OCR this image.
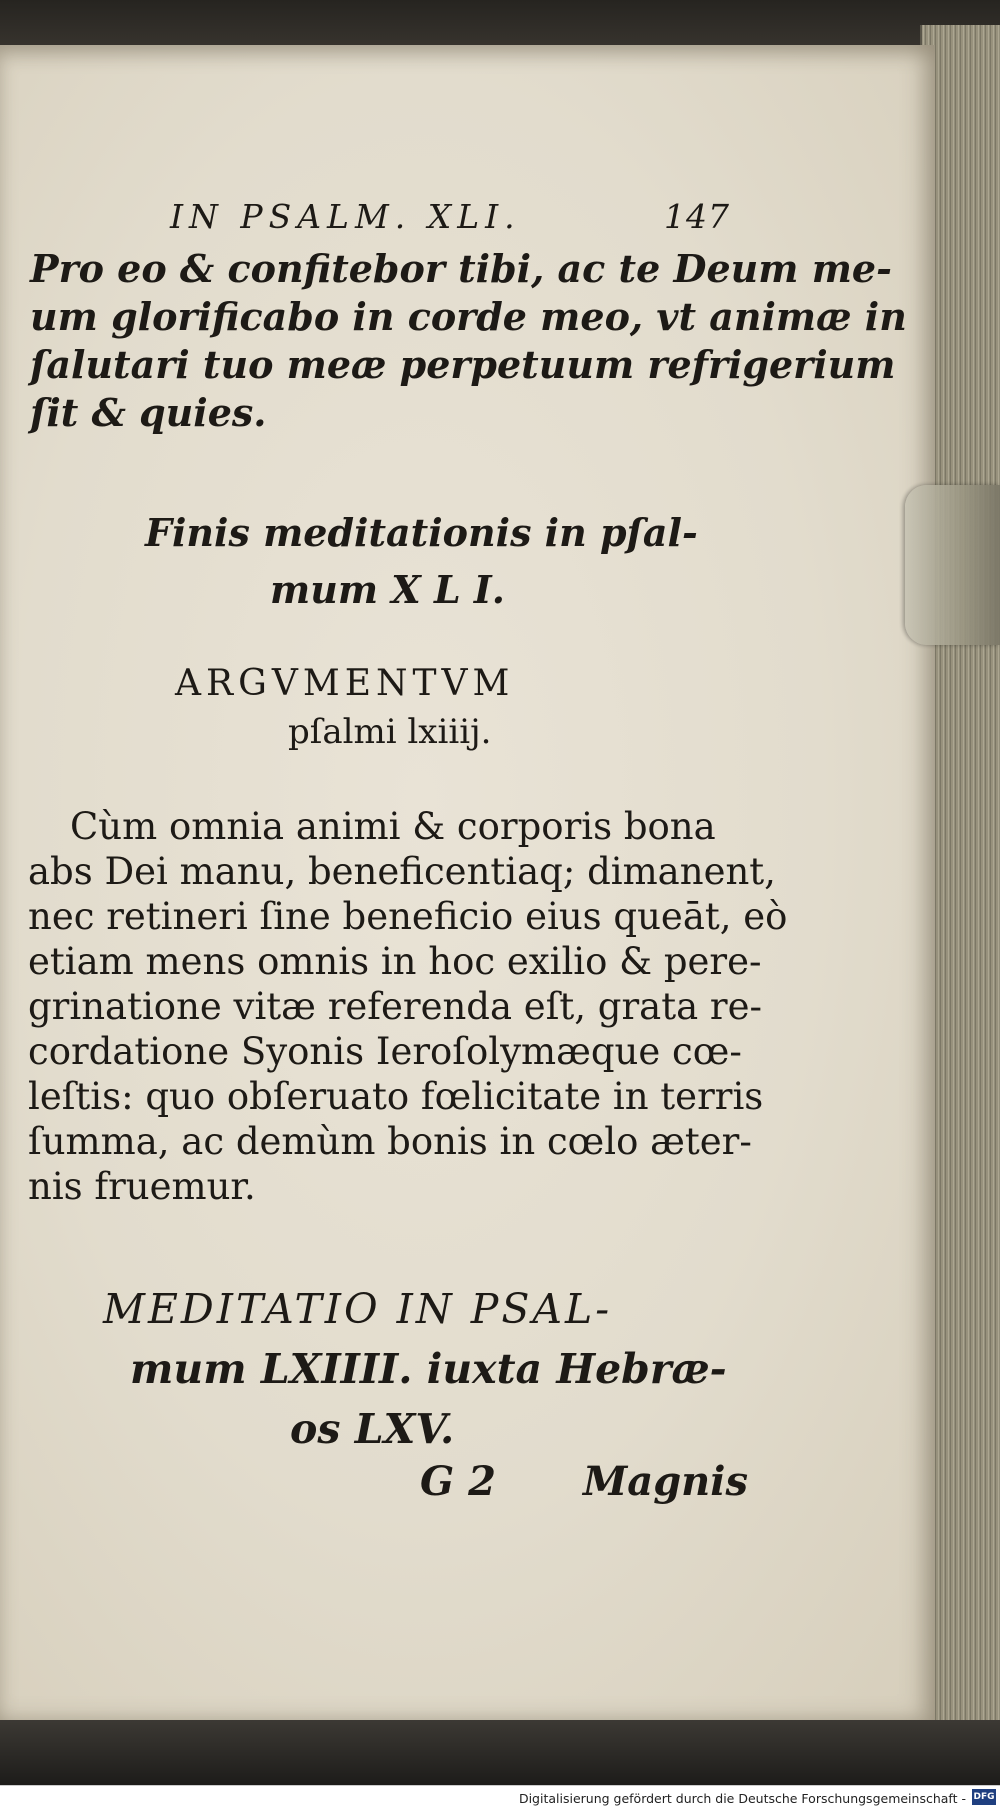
IN PSALM. XLI.	147
Pro eo & confitebor tibi, ac te Deum me-
um glorificabo in corde meo, vt animæ in
ſalutari tuo meæ perpetuum refrigerium
ſit & quies.
Finis meditationis in pſal-
mum X L I.
ARGVMENTVM
pſalmi lxiiij.
Cùm omnia animi & corporis bona
abs Dei manu, beneficentiaq; dimanent,
nec retineri ſine beneficio eius queāt, eò
etiam mens omnis in hoc exilio & pere-
grinatione vitæ referenda eſt, grata re-
cordatione Syonis Ieroſolymæque cœ-
leſtis: quo obſeruato fœlicitate in terris
ſumma, ac demùm bonis in cœlo æter-
nis fruemur.
MEDITATIO IN PSAL-
mum LXIIII. iuxta Hebræ-
os LXV.
G 2 Magnis
Digitalisierung gefördert durch die Deutsche Forschungsgemeinschaft - DFG
